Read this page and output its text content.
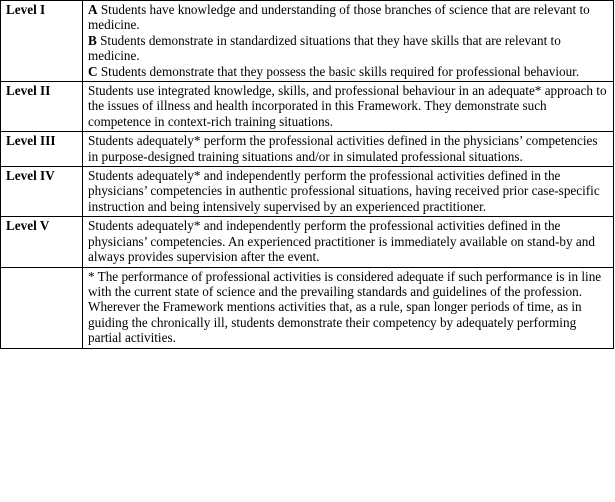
Level I	A Students have knowledge and understanding of those branches of science that are relevant to medicine.
B Students demonstrate in standardized situations that they have skills that are relevant to medicine.
C Students demonstrate that they possess the basic skills required for professional behaviour.

Level II	Students use integrated knowledge, skills, and professional behaviour in an adequate* approach to the issues of illness and health incorporated in this Framework. They demonstrate such competence in context-rich training situations.
Level III	Students adequately* perform the professional activities defined in the physicians’ competencies in purpose-designed training situations and/or in simulated professional situations.
Level IV	Students adequately* and independently perform the professional activities defined in the physicians’ competencies in authentic professional situations, having received prior case-specific instruction and being intensively supervised by an experienced practitioner.
Level V	Students adequately* and independently perform the professional activities defined in the physicians’ competencies. An experienced practitioner is immediately available on stand-by and always provides supervision after the event.
	* The performance of professional activities is considered adequate if such performance is in line with the current state of science and the prevailing standards and guidelines of the profession. Wherever the Framework mentions activities that, as a rule, span longer periods of time, as in guiding the chronically ill, students demonstrate their competency by adequately performing partial activities.
